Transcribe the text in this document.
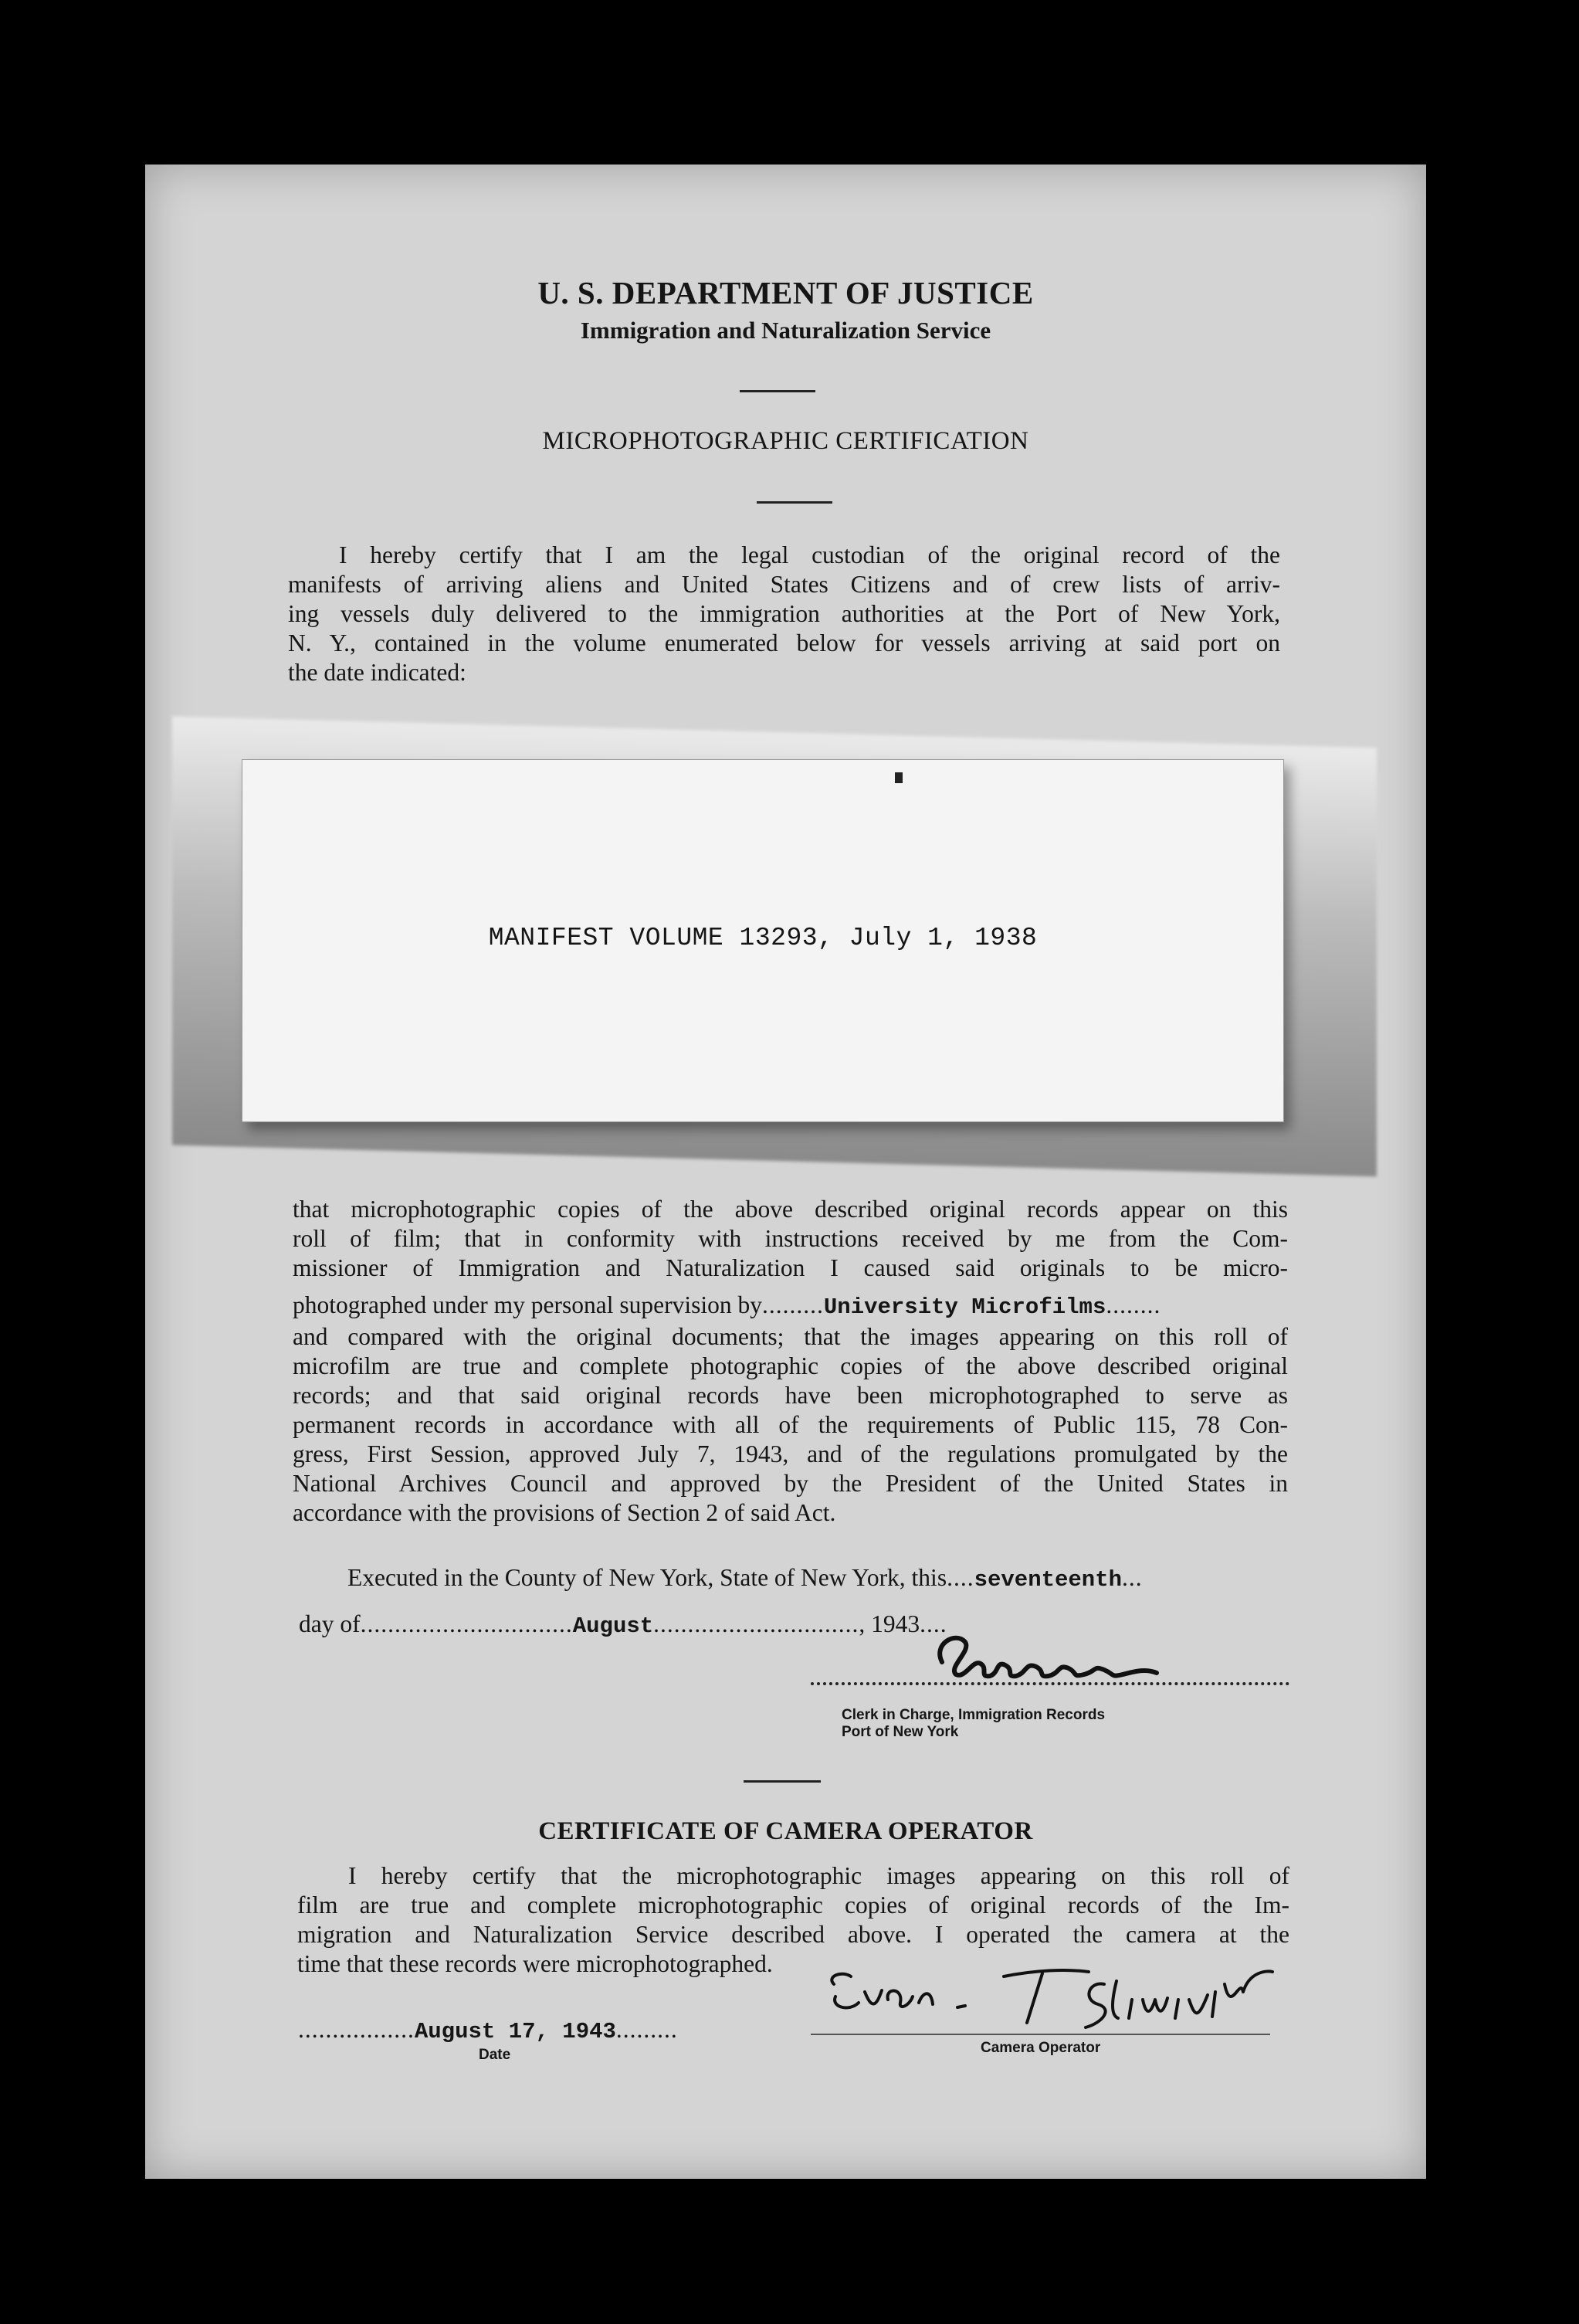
U. S. DEPARTMENT OF JUSTICE
Immigration and Naturalization Service
MICROPHOTOGRAPHIC CERTIFICATION
I hereby certify that I am the legal custodian of the original record of the
manifests of arriving aliens and United States Citizens and of crew lists of arriv-
ing vessels duly delivered to the immigration authorities at the Port of New York,
N. Y., contained in the volume enumerated below for vessels arriving at said port on
the date indicated:
MANIFEST VOLUME 13293, July 1, 1938
that microphotographic copies of the above described original records appear on this
roll of film; that in conformity with instructions received by me from the Com-
missioner of Immigration and Naturalization I caused said originals to be micro-
photographed under my personal supervision by.........University Microfilms........
and compared with the original documents; that the images appearing on this roll of
microfilm are true and complete photographic copies of the above described original
records; and that said original records have been microphotographed to serve as
permanent records in accordance with all of the requirements of Public 115, 78 Con-
gress, First Session, approved July 7, 1943, and of the regulations promulgated by the
National Archives Council and approved by the President of the United States in
accordance with the provisions of Section 2 of said Act.
Executed in the County of New York, State of New York, this....seventeenth...
day of...............................August.............................., 1943....
Clerk in Charge, Immigration Records
Port of New York
CERTIFICATE OF CAMERA OPERATOR
I hereby certify that the microphotographic images appearing on this roll of
film are true and complete microphotographic copies of original records of the Im-
migration and Naturalization Service described above. I operated the camera at the
time that these records were microphotographed.
.................August 17, 1943.........
Date	Camera Operator
